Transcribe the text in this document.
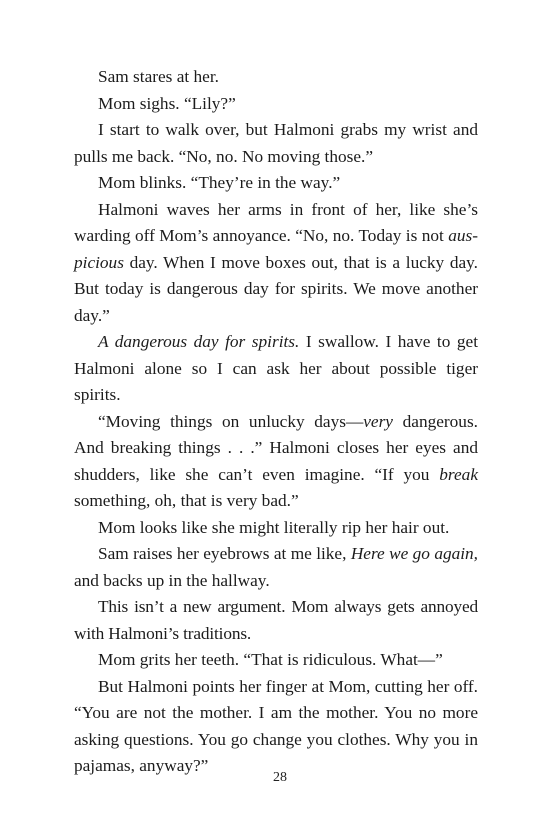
Sam stares at her.

Mom sighs. “Lily?”

I start to walk over, but Halmoni grabs my wrist and pulls me back. “No, no. No moving those.”

Mom blinks. “They’re in the way.”

Halmoni waves her arms in front of her, like she’s warding off Mom’s annoyance. “No, no. Today is not auspicious day. When I move boxes out, that is a lucky day. But today is dangerous day for spirits. We move another day.”

A dangerous day for spirits. I swallow. I have to get Halmoni alone so I can ask her about possible tiger spirits.

“Moving things on unlucky days—very dangerous. And breaking things . . .” Halmoni closes her eyes and shudders, like she can’t even imagine. “If you break something, oh, that is very bad.”

Mom looks like she might literally rip her hair out.

Sam raises her eyebrows at me like, Here we go again, and backs up in the hallway.

This isn’t a new argument. Mom always gets annoyed with Halmoni’s traditions.

Mom grits her teeth. “That is ridiculous. What—”

But Halmoni points her finger at Mom, cutting her off. “You are not the mother. I am the mother. You no more asking questions. You go change you clothes. Why you in pajamas, anyway?”

28
